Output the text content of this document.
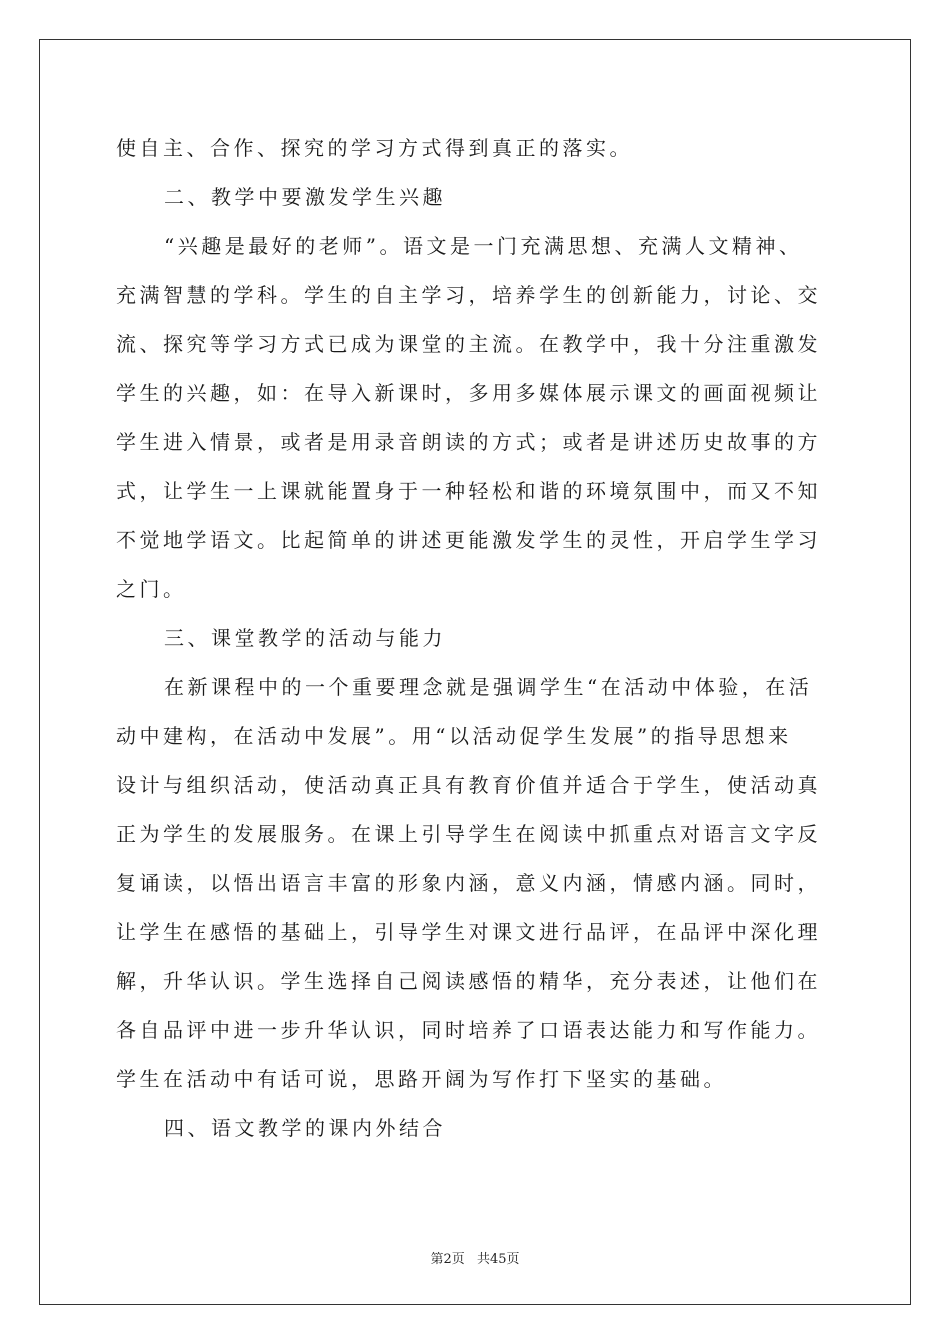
使自主、合作、探究的学习方式得到真正的落实。
二、教学中要激发学生兴趣
“兴趣是最好的老师”。语文是一门充满思想、充满人文精神、
充满智慧的学科。学生的自主学习，培养学生的创新能力，讨论、交
流、探究等学习方式已成为课堂的主流。在教学中，我十分注重激发
学生的兴趣，如：在导入新课时，多用多媒体展示课文的画面视频让
学生进入情景，或者是用录音朗读的方式；或者是讲述历史故事的方
式，让学生一上课就能置身于一种轻松和谐的环境氛围中，而又不知
不觉地学语文。比起简单的讲述更能激发学生的灵性，开启学生学习
之门。
三、课堂教学的活动与能力
在新课程中的一个重要理念就是强调学生“在活动中体验，在活
动中建构，在活动中发展”。用“以活动促学生发展”的指导思想来
设计与组织活动，使活动真正具有教育价值并适合于学生，使活动真
正为学生的发展服务。在课上引导学生在阅读中抓重点对语言文字反
复诵读，以悟出语言丰富的形象内涵，意义内涵，情感内涵。同时，
让学生在感悟的基础上，引导学生对课文进行品评，在品评中深化理
解，升华认识。学生选择自己阅读感悟的精华，充分表述，让他们在
各自品评中进一步升华认识，同时培养了口语表达能力和写作能力。
学生在活动中有话可说，思路开阔为写作打下坚实的基础。
四、语文教学的课内外结合
第2页 共45页
